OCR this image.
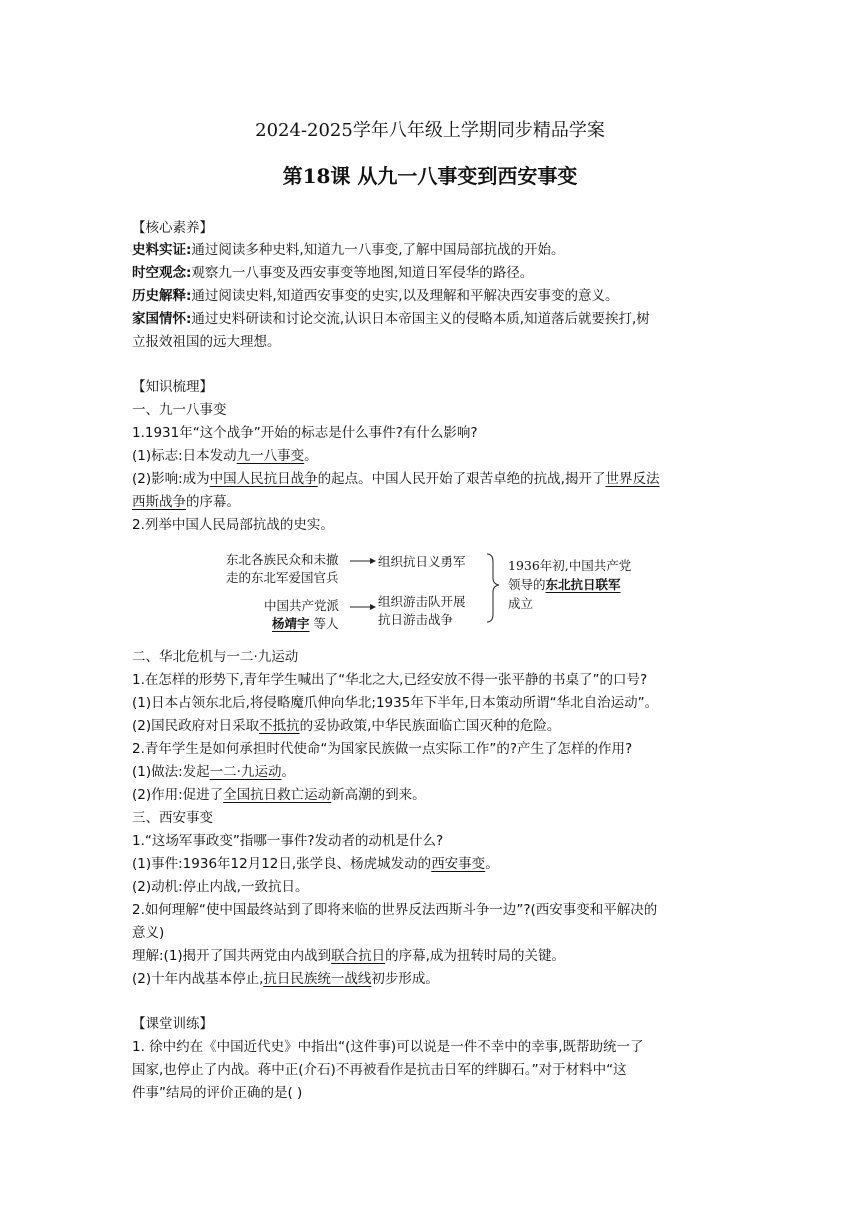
2024-2025学年八年级上学期同步精品学案
第18课 从九一八事变到西安事变
【核心素养】
史料实证:通过阅读多种史料,知道九一八事变,了解中国局部抗战的开始。
时空观念:观察九一八事变及西安事变等地图,知道日军侵华的路径。
历史解释:通过阅读史料,知道西安事变的史实,以及理解和平解决西安事变的意义。
家国情怀:通过史料研读和讨论交流,认识日本帝国主义的侵略本质,知道落后就要挨打,树
立报效祖国的远大理想。
【知识梳理】
一、九一八事变
1.1931年“这个战争”开始的标志是什么事件?有什么影响?
(1)标志:日本发动九一八事变。
(2)影响:成为中国人民抗日战争的起点。中国人民开始了艰苦卓绝的抗战,揭开了世界反法
西斯战争的序幕。
2.列举中国人民局部抗战的史实。
东北各族民众和未撤
走的东北军爱国官兵
组织抗日义勇军
中国共产党派
杨靖宇 等人
组织游击队开展
抗日游击战争
1936年初,中国共产党
领导的东北抗日联军
成立
二、华北危机与一二·九运动
1.在怎样的形势下,青年学生喊出了“华北之大,已经安放不得一张平静的书桌了”的口号?
(1)日本占领东北后,将侵略魔爪伸向华北;1935年下半年,日本策动所谓“华北自治运动”。
(2)国民政府对日采取不抵抗的妥协政策,中华民族面临亡国灭种的危险。
2.青年学生是如何承担时代使命“为国家民族做一点实际工作”的?产生了怎样的作用?
(1)做法:发起一二·九运动。
(2)作用:促进了全国抗日救亡运动新高潮的到来。
三、西安事变
1.“这场军事政变”指哪一事件?发动者的动机是什么?
(1)事件:1936年12月12日,张学良、杨虎城发动的西安事变。
(2)动机:停止内战,一致抗日。
2.如何理解“使中国最终站到了即将来临的世界反法西斯斗争一边”?(西安事变和平解决的
意义)
理解:(1)揭开了国共两党由内战到联合抗日的序幕,成为扭转时局的关键。
(2)十年内战基本停止,抗日民族统一战线初步形成。
【课堂训练】
1. 徐中约在《中国近代史》中指出“(这件事)可以说是一件不幸中的幸事,既帮助统一了
国家,也停止了内战。蒋中正(介石)不再被看作是抗击日军的绊脚石。”对于材料中“这
件事”结局的评价正确的是( )
